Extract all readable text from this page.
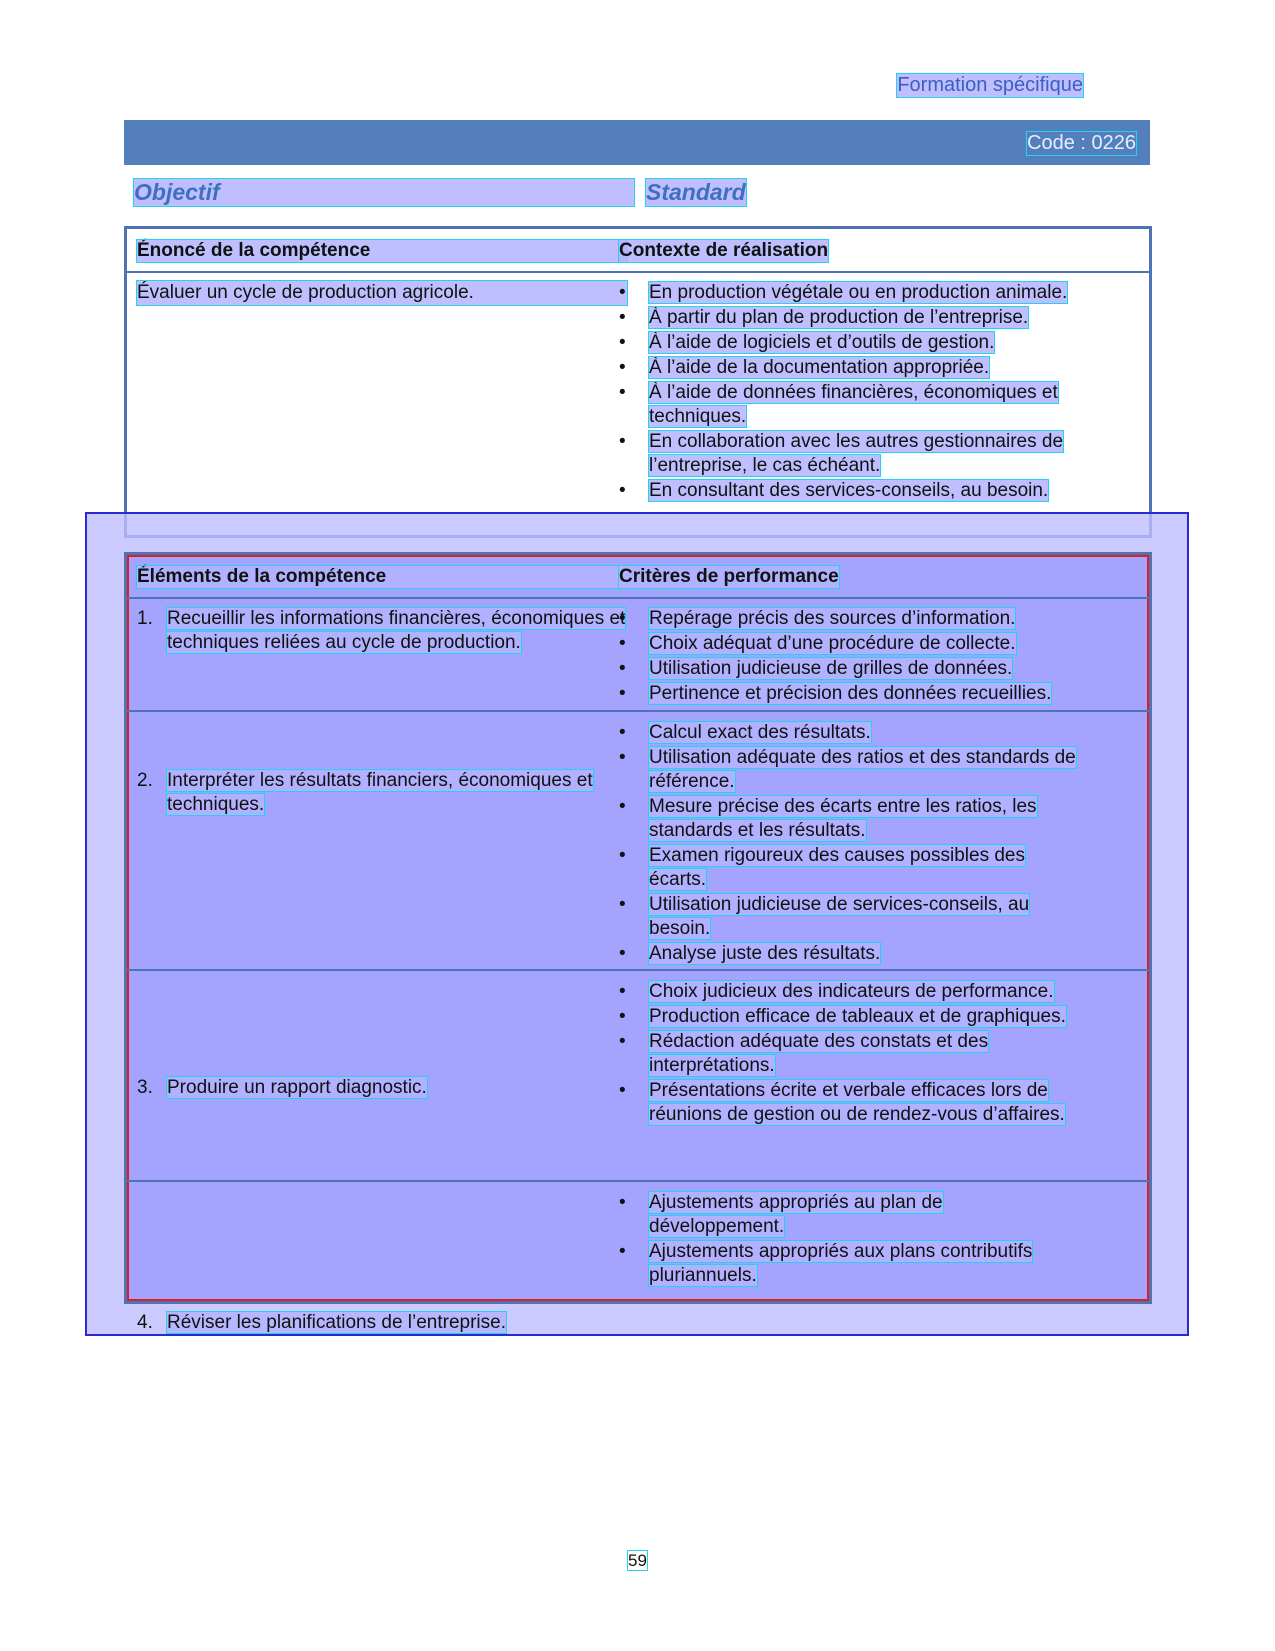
Formation spécifique
Code : 0226
Objectif	Standard
Énoncé de la compétence	Contexte de réalisation
Évaluer un cycle de production agricole.	• En production végétale ou en production animale.
• À partir du plan de production de l’entreprise.
• À l’aide de logiciels et d’outils de gestion.
• À l’aide de la documentation appropriée.
• À l’aide de données financières, économiques et techniques.
• En collaboration avec les autres gestionnaires de l’entreprise, le cas échéant.
• En consultant des services-conseils, au besoin.
Éléments de la compétence	Critères de performance
1. Recueillir les informations financières, économiques et techniques reliées au cycle de production.
• Repérage précis des sources d’information.
• Choix adéquat d’une procédure de collecte.
• Utilisation judicieuse de grilles de données.
• Pertinence et précision des données recueillies.
2. Interpréter les résultats financiers, économiques et techniques.
• Calcul exact des résultats.
• Utilisation adéquate des ratios et des standards de référence.
• Mesure précise des écarts entre les ratios, les standards et les résultats.
• Examen rigoureux des causes possibles des écarts.
• Utilisation judicieuse de services-conseils, au besoin.
• Analyse juste des résultats.
3. Produire un rapport diagnostic.
• Choix judicieux des indicateurs de performance.
• Production efficace de tableaux et de graphiques.
• Rédaction adéquate des constats et des interprétations.
• Présentations écrite et verbale efficaces lors de réunions de gestion ou de rendez-vous d’affaires.
4. Réviser les planifications de l’entreprise.
• Ajustements appropriés au plan de développement.
• Ajustements appropriés aux plans contributifs pluriannuels.
59
